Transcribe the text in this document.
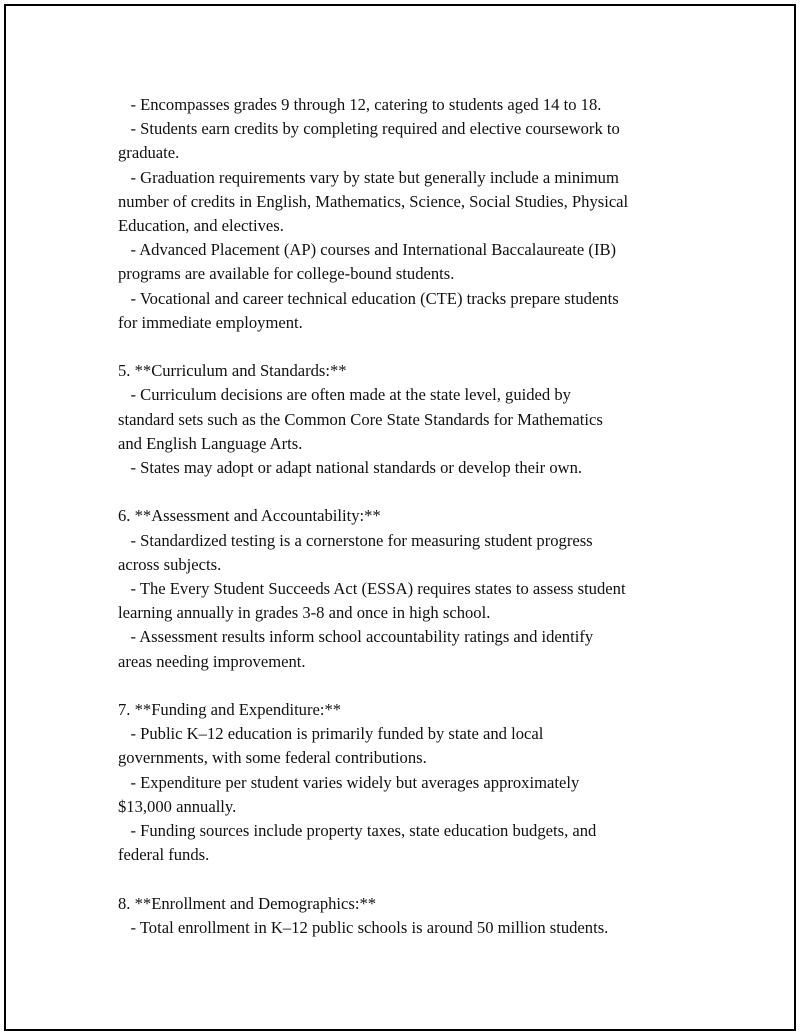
- Encompasses grades 9 through 12, catering to students aged 14 to 18.
- Students earn credits by completing required and elective coursework to
graduate.
- Graduation requirements vary by state but generally include a minimum
number of credits in English, Mathematics, Science, Social Studies, Physical
Education, and electives.
- Advanced Placement (AP) courses and International Baccalaureate (IB)
programs are available for college-bound students.
- Vocational and career technical education (CTE) tracks prepare students
for immediate employment.
5. **Curriculum and Standards:**
- Curriculum decisions are often made at the state level, guided by
standard sets such as the Common Core State Standards for Mathematics
and English Language Arts.
- States may adopt or adapt national standards or develop their own.
6. **Assessment and Accountability:**
- Standardized testing is a cornerstone for measuring student progress
across subjects.
- The Every Student Succeeds Act (ESSA) requires states to assess student
learning annually in grades 3-8 and once in high school.
- Assessment results inform school accountability ratings and identify
areas needing improvement.
7. **Funding and Expenditure:**
- Public K–12 education is primarily funded by state and local
governments, with some federal contributions.
- Expenditure per student varies widely but averages approximately
$13,000 annually.
- Funding sources include property taxes, state education budgets, and
federal funds.
8. **Enrollment and Demographics:**
- Total enrollment in K–12 public schools is around 50 million students.
